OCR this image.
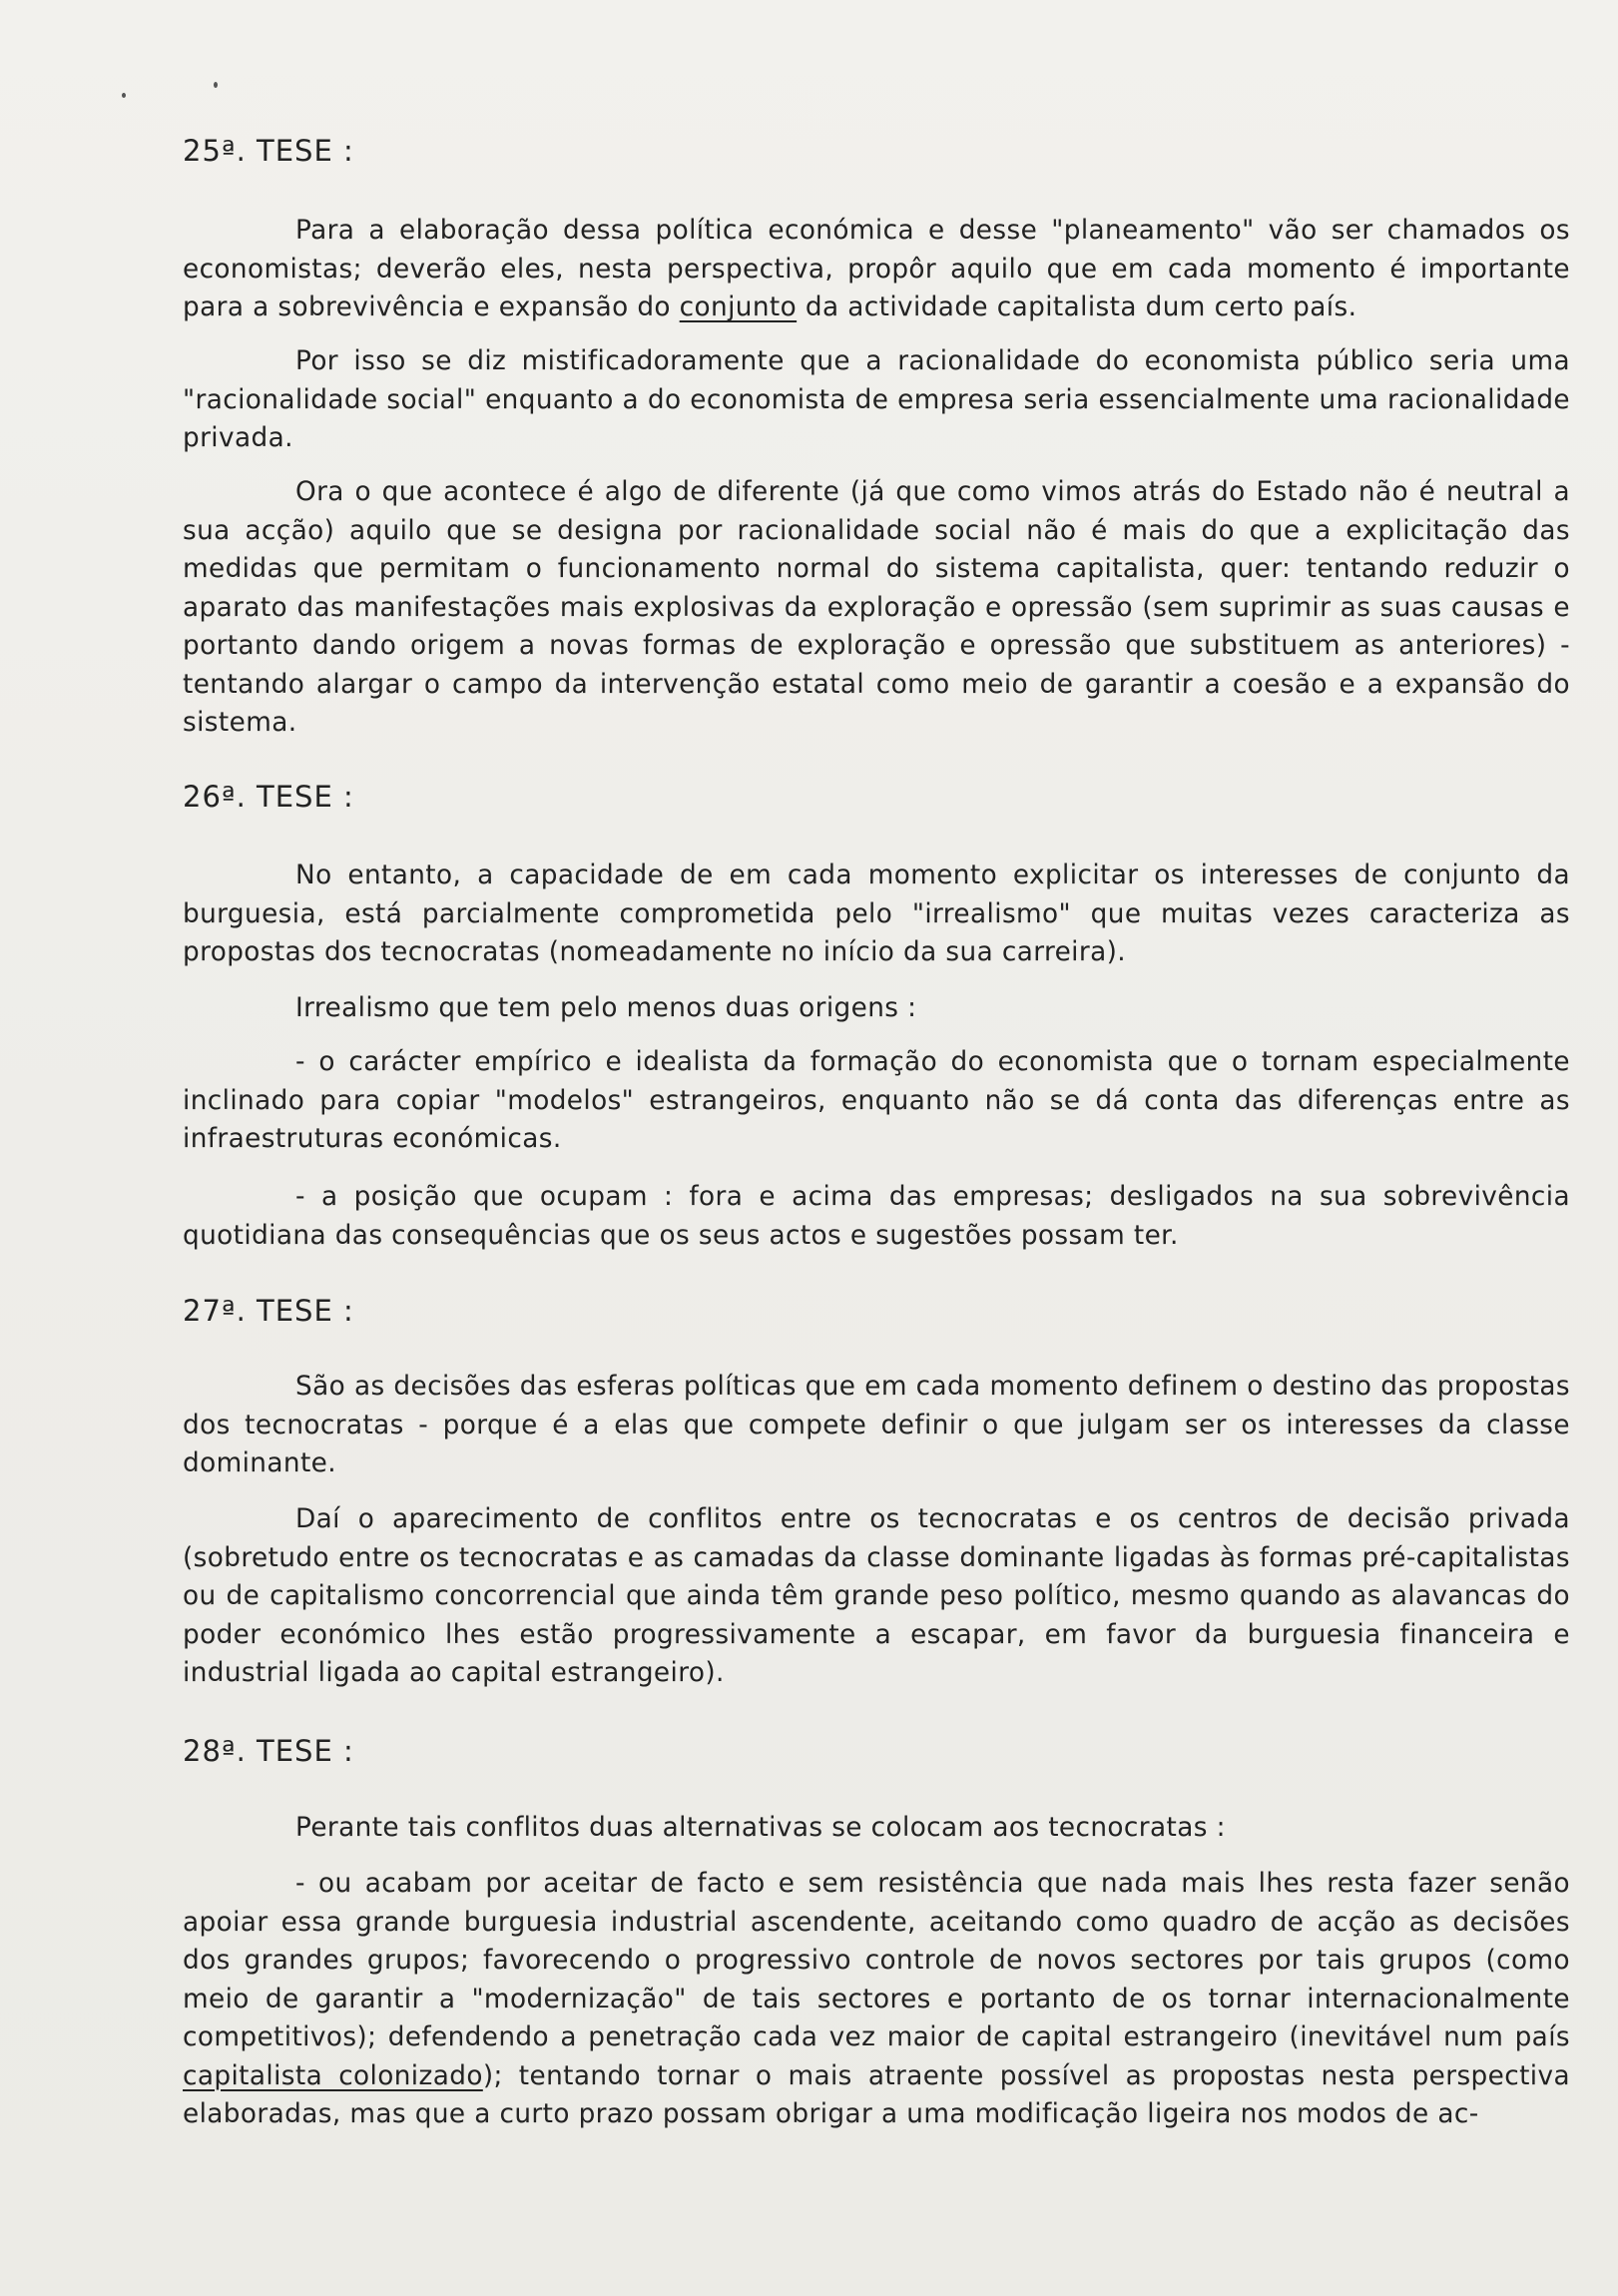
25ª. TESE :

Para a elaboração dessa política económica e desse "planeamento" vão ser chamados os economistas; deverão eles, nesta perspectiva, propôr aquilo que em cada momento é importante para a sobrevivência e expansão do conjunto da actividade capitalista dum certo país.

Por isso se diz mistificadoramente que a racionalidade do economista público seria uma "racionalidade social" enquanto a do economista de empresa seria essencialmente uma racionalidade privada.

Ora o que acontece é algo de diferente (já que como vimos atrás do Estado não é neutral a sua acção) aquilo que se designa por racionalidade social não é mais do que a explicitação das medidas que permitam o funcionamento normal do sistema capitalista, quer: tentando reduzir o aparato das manifestações mais explosivas da exploração e opressão (sem suprimir as suas causas e portanto dando origem a novas formas de exploração e opressão que substituem as anteriores) - tentando alargar o campo da intervenção estatal como meio de garantir a coesão e a expansão do sistema.

26ª. TESE :

No entanto, a capacidade de em cada momento explicitar os interesses de conjunto da burguesia, está parcialmente comprometida pelo "irrealismo" que muitas vezes caracteriza as propostas dos tecnocratas (nomeadamente no início da sua carreira).

Irrealismo que tem pelo menos duas origens :

- o carácter empírico e idealista da formação do economista que o tornam especialmente inclinado para copiar "modelos" estrangeiros, enquanto não se dá conta das diferenças entre as infraestruturas económicas.

- a posição que ocupam : fora e acima das empresas; desligados na sua sobrevivência quotidiana das consequências que os seus actos e sugestões possam ter.

27ª. TESE :

São as decisões das esferas políticas que em cada momento definem o destino das propostas dos tecnocratas - porque é a elas que compete definir o que julgam ser os interesses da classe dominante.

Daí o aparecimento de conflitos entre os tecnocratas e os centros de decisão privada (sobretudo entre os tecnocratas e as camadas da classe dominante ligadas às formas pré-capitalistas ou de capitalismo concorrencial que ainda têm grande peso político, mesmo quando as alavancas do poder económico lhes estão progressivamente a escapar, em favor da burguesia financeira e industrial ligada ao capital estrangeiro).

28ª. TESE :

Perante tais conflitos duas alternativas se colocam aos tecnocratas :

- ou acabam por aceitar de facto e sem resistência que nada mais lhes resta fazer senão apoiar essa grande burguesia industrial ascendente, aceitando como quadro de acção as decisões dos grandes grupos; favorecendo o progressivo controle de novos sectores por tais grupos (como meio de garantir a "modernização" de tais sectores e portanto de os tornar internacionalmente competitivos); defendendo a penetração cada vez maior de capital estrangeiro (inevitável num país capitalista colonizado); tentando tornar o mais atraente possível as propostas nesta perspectiva elaboradas, mas que a curto prazo possam obrigar a uma modificação ligeira nos modos de ac-
